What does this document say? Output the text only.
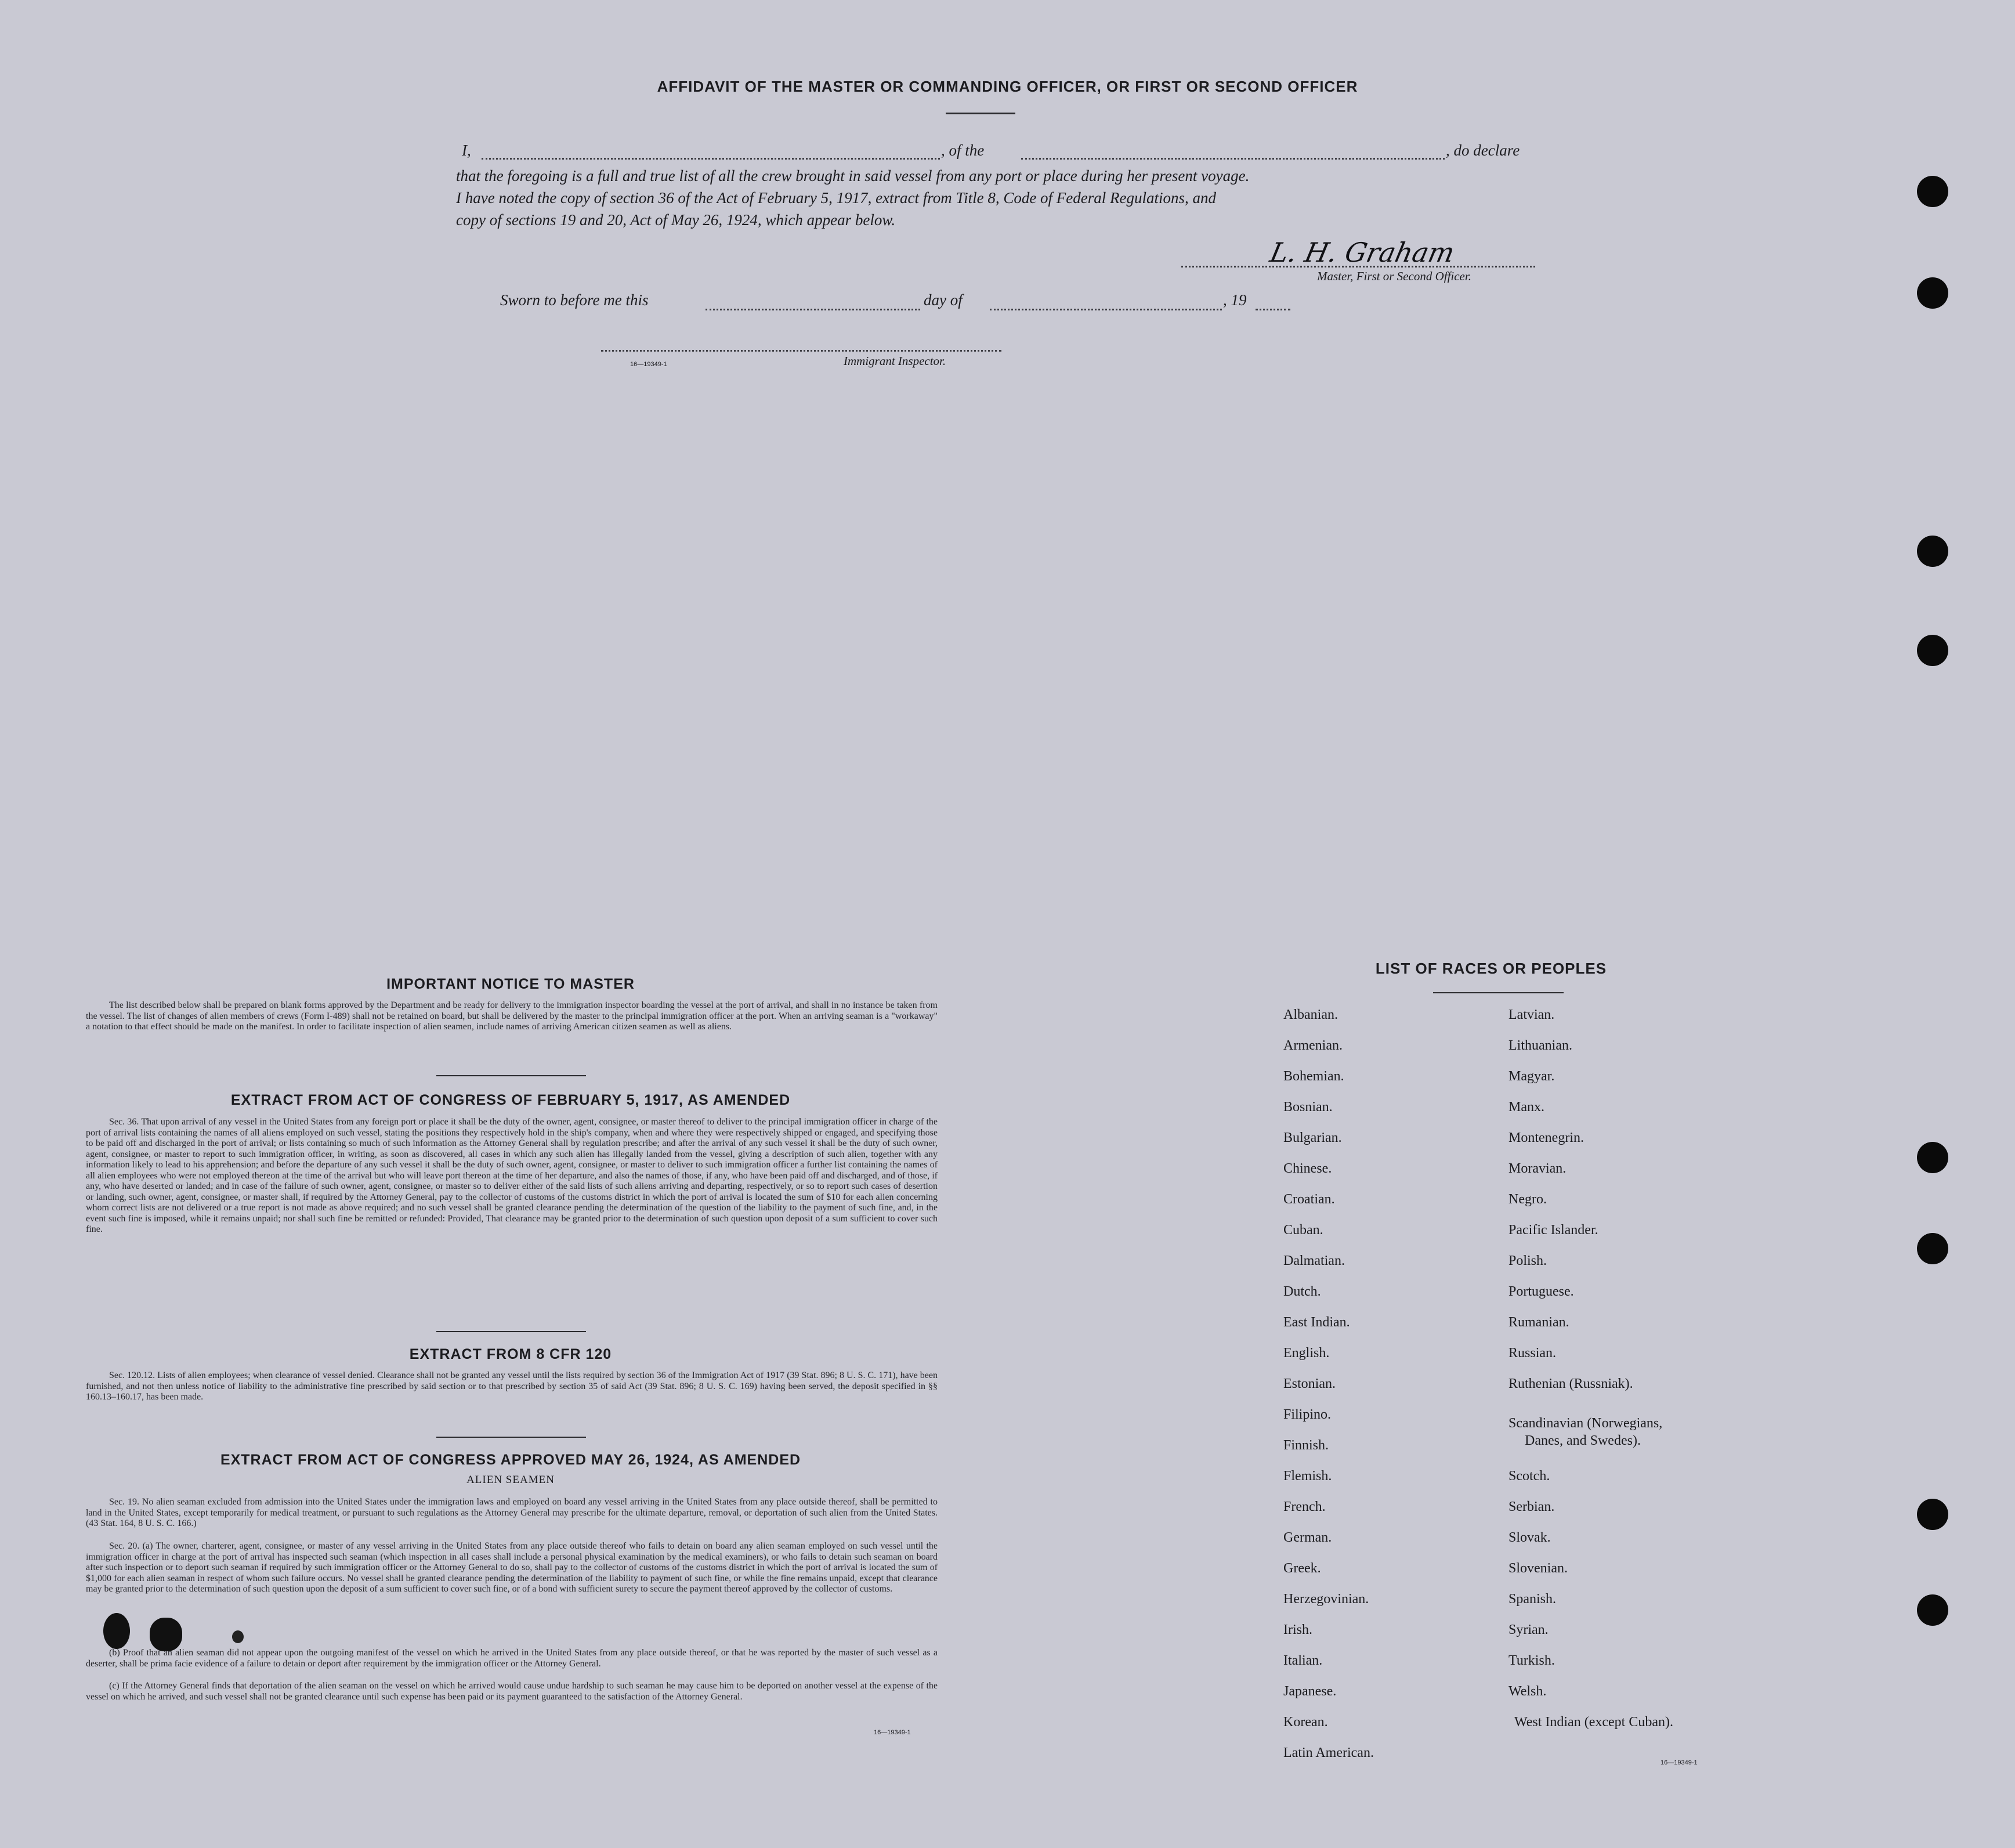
AFFIDAVIT OF THE MASTER OR COMMANDING OFFICER, OR FIRST OR SECOND OFFICER
I,	, of the	, do declare
that the foregoing is a full and true list of all the crew brought in said vessel from any port or place during her present voyage.
I have noted the copy of section 36 of the Act of February 5, 1917, extract from Title 8, Code of Federal Regulations, and
copy of sections 19 and 20, Act of May 26, 1924, which appear below.
L. H. Graham
Master, First or Second Officer.
Sworn to before me this	day of	, 19
16—19349-1	Immigrant Inspector.
IMPORTANT NOTICE TO MASTER
The list described below shall be prepared on blank forms approved by the Department and be ready for delivery to the immigration inspector boarding the vessel at the port of arrival, and shall in no instance be taken from the vessel. The list of changes of alien members of crews (Form I-489) shall not be retained on board, but shall be delivered by the master to the principal immigration officer at the port. When an arriving seaman is a "workaway" a notation to that effect should be made on the manifest. In order to facilitate inspection of alien seamen, include names of arriving American citizen seamen as well as aliens.
EXTRACT FROM ACT OF CONGRESS OF FEBRUARY 5, 1917, AS AMENDED
Sec. 36. That upon arrival of any vessel in the United States from any foreign port or place it shall be the duty of the owner, agent, consignee, or master thereof to deliver to the principal immigration officer in charge of the port of arrival lists containing the names of all aliens employed on such vessel, stating the positions they respectively hold in the ship's company, when and where they were respectively shipped or engaged, and specifying those to be paid off and discharged in the port of arrival; or lists containing so much of such information as the Attorney General shall by regulation prescribe; and after the arrival of any such vessel it shall be the duty of such owner, agent, consignee, or master to report to such immigration officer, in writing, as soon as discovered, all cases in which any such alien has illegally landed from the vessel, giving a description of such alien, together with any information likely to lead to his apprehension; and before the departure of any such vessel it shall be the duty of such owner, agent, consignee, or master to deliver to such immigration officer a further list containing the names of all alien employees who were not employed thereon at the time of the arrival but who will leave port thereon at the time of her departure, and also the names of those, if any, who have been paid off and discharged, and of those, if any, who have deserted or landed; and in case of the failure of such owner, agent, consignee, or master so to deliver either of the said lists of such aliens arriving and departing, respectively, or so to report such cases of desertion or landing, such owner, agent, consignee, or master shall, if required by the Attorney General, pay to the collector of customs of the customs district in which the port of arrival is located the sum of $10 for each alien concerning whom correct lists are not delivered or a true report is not made as above required; and no such vessel shall be granted clearance pending the determination of the question of the liability to the payment of such fine, and, in the event such fine is imposed, while it remains unpaid; nor shall such fine be remitted or refunded: Provided, That clearance may be granted prior to the determination of such question upon deposit of a sum sufficient to cover such fine.
EXTRACT FROM 8 CFR 120
Sec. 120.12. Lists of alien employees; when clearance of vessel denied. Clearance shall not be granted any vessel until the lists required by section 36 of the Immigration Act of 1917 (39 Stat. 896; 8 U. S. C. 171), have been furnished, and not then unless notice of liability to the administrative fine prescribed by said section or to that prescribed by section 35 of said Act (39 Stat. 896; 8 U. S. C. 169) having been served, the deposit specified in §§ 160.13–160.17, has been made.
EXTRACT FROM ACT OF CONGRESS APPROVED MAY 26, 1924, AS AMENDED
ALIEN SEAMEN
Sec. 19. No alien seaman excluded from admission into the United States under the immigration laws and employed on board any vessel arriving in the United States from any place outside thereof, shall be permitted to land in the United States, except temporarily for medical treatment, or pursuant to such regulations as the Attorney General may prescribe for the ultimate departure, removal, or deportation of such alien from the United States. (43 Stat. 164, 8 U. S. C. 166.)
Sec. 20. (a) The owner, charterer, agent, consignee, or master of any vessel arriving in the United States from any place outside thereof who fails to detain on board any alien seaman employed on such vessel until the immigration officer in charge at the port of arrival has inspected such seaman (which inspection in all cases shall include a personal physical examination by the medical examiners), or who fails to detain such seaman on board after such inspection or to deport such seaman if required by such immigration officer or the Attorney General to do so, shall pay to the collector of customs of the customs district in which the port of arrival is located the sum of $1,000 for each alien seaman in respect of whom such failure occurs. No vessel shall be granted clearance pending the determination of the liability to payment of such fine, or while the fine remains unpaid, except that clearance may be granted prior to the determination of such question upon the deposit of a sum sufficient to cover such fine, or of a bond with sufficient surety to secure the payment thereof approved by the collector of customs.
(b) Proof that an alien seaman did not appear upon the outgoing manifest of the vessel on which he arrived in the United States from any place outside thereof, or that he was reported by the master of such vessel as a deserter, shall be prima facie evidence of a failure to detain or deport after requirement by the immigration officer or the Attorney General.
(c) If the Attorney General finds that deportation of the alien seaman on the vessel on which he arrived would cause undue hardship to such seaman he may cause him to be deported on another vessel at the expense of the vessel on which he arrived, and such vessel shall not be granted clearance until such expense has been paid or its payment guaranteed to the satisfaction of the Attorney General.
16—19349-1
LIST OF RACES OR PEOPLES
Albanian.
Armenian.
Bohemian.
Bosnian.
Bulgarian.
Chinese.
Croatian.
Cuban.
Dalmatian.
Dutch.
East Indian.
English.
Estonian.
Filipino.
Finnish.
Flemish.
French.
German.
Greek.
Herzegovinian.
Irish.
Italian.
Japanese.
Korean.
Latin American.
Latvian.
Lithuanian.
Magyar.
Manx.
Montenegrin.
Moravian.
Negro.
Pacific Islander.
Polish.
Portuguese.
Rumanian.
Russian.
Ruthenian (Russniak).
Scandinavian (Norwegians,
Danes, and Swedes).
Scotch.
Serbian.
Slovak.
Slovenian.
Spanish.
Syrian.
Turkish.
Welsh.
West Indian (except Cuban).
16—19349-1
